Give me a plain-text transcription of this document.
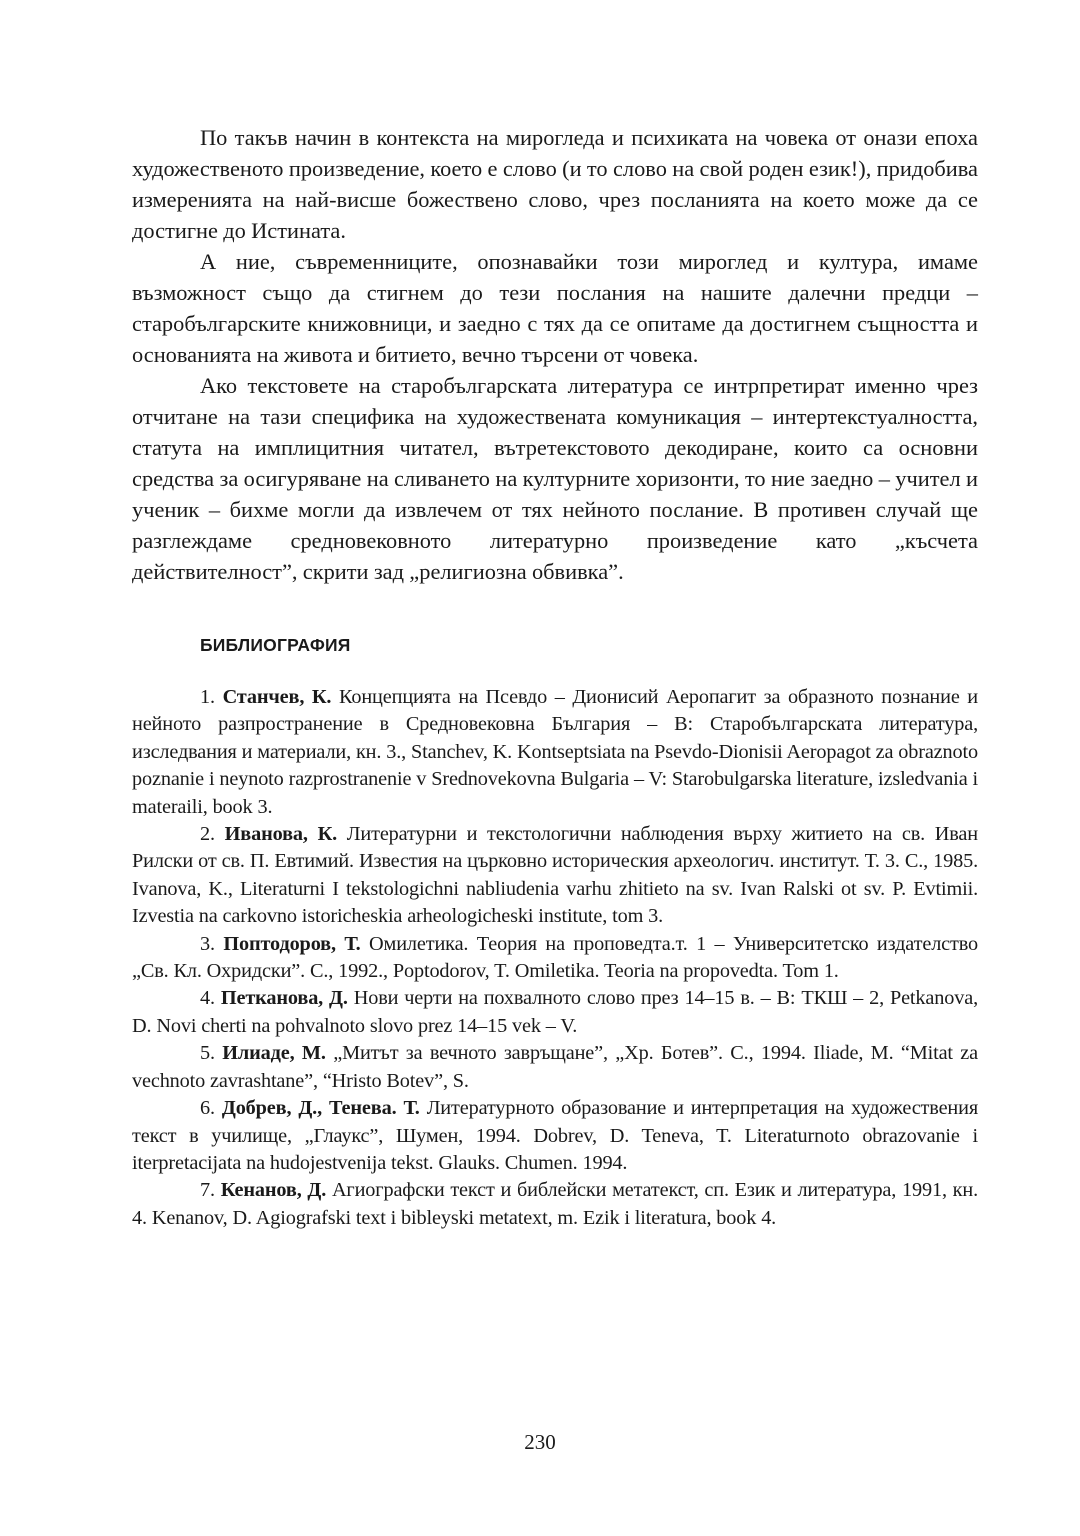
По такъв начин в контекста на мирогледа и психиката на човека от онази епоха художественото произведение, което е слово (и то слово на свой роден език!), придобива измеренията на най-висше божествено слово, чрез посланията на което може да се достигне до Истината.

А ние, съвременниците, опознавайки този мироглед и култура, имаме възможност също да стигнем до тези послания на нашите далечни предци – старобългарските книжовници, и заедно с тях да се опитаме да достигнем същността и основанията на живота и битието, вечно търсени от човека.

Ако текстовете на старобългарската литература се интрпретират именно чрез отчитане на тази специфика на художествената комуникация – интертекстуалността, статута на имплицитния читател, вътретекстовото декодиране, които са основни средства за осигуряване на сливането на културните хоризонти, то ние заедно – учител и ученик – бихме могли да извлечем от тях нейното послание. В противен случай ще разглеждаме средновековното литературно произведение като „късчета действителност”, скрити зад „религиозна обвивка”.

БИБЛИОГРАФИЯ

1. Станчев, К. Концепцията на Псевдо – Дионисий Аеропагит за образното познание и нейното разпространение в Средновековна България – В: Старобългарската литература, изследвания и материали, кн. 3., Stanchev, K. Kontseptsiata na Psevdo-Dionisii Aeropagot za obraznoto poznanie i neynoto razprostranenie v Srednovekovna Bulgaria – V: Starobulgarska literature, izsledvania i materaili, book 3.

2. Иванова, К. Литературни и текстологични наблюдения върху житието на св. Иван Рилски от св. П. Евтимий. Известия на църковно историческия археологич. институт. Т. 3. С., 1985. Ivanova, K., Literaturni I tekstologichni nabliudenia varhu zhitieto na sv. Ivan Ralski ot sv. P. Evtimii. Izvestia na carkovno istoricheskia arheologicheski institute, tom 3.

3. Поптодоров, Т. Омилетика. Теория на проповедта.т. 1 – Университетско издателство „Св. Кл. Охридски”. С., 1992., Poptodorov, T. Omiletika. Teoria na propovedta. Tom 1.

4. Петканова, Д. Нови черти на похвалното слово през 14–15 в. – В: ТКШ – 2, Petkanova, D. Novi cherti na pohvalnoto slovo prez 14–15 vek – V.

5. Илиаде, М. „Митът за вечното завръщане”, „Хр. Ботев”. С., 1994. Iliade, M. “Mitat za vechnoto zavrashtane”, “Hristo Botev”, S.

6. Добрев, Д., Тенева. Т. Литературното образование и интерпретация на художествения текст в училище, „Глаукс”, Шумен, 1994. Dobrev, D. Teneva, T. Literaturnoto obrazovanie i iterpretacijata na hudojestvenija tekst. Glauks. Chumen. 1994.

7. Кенанов, Д. Агиографски текст и библейски метатекст, сп. Език и литература, 1991, кн. 4. Kenanov, D. Agiografski text i bibleyski metatext, m. Ezik i literatura, book 4.

230
